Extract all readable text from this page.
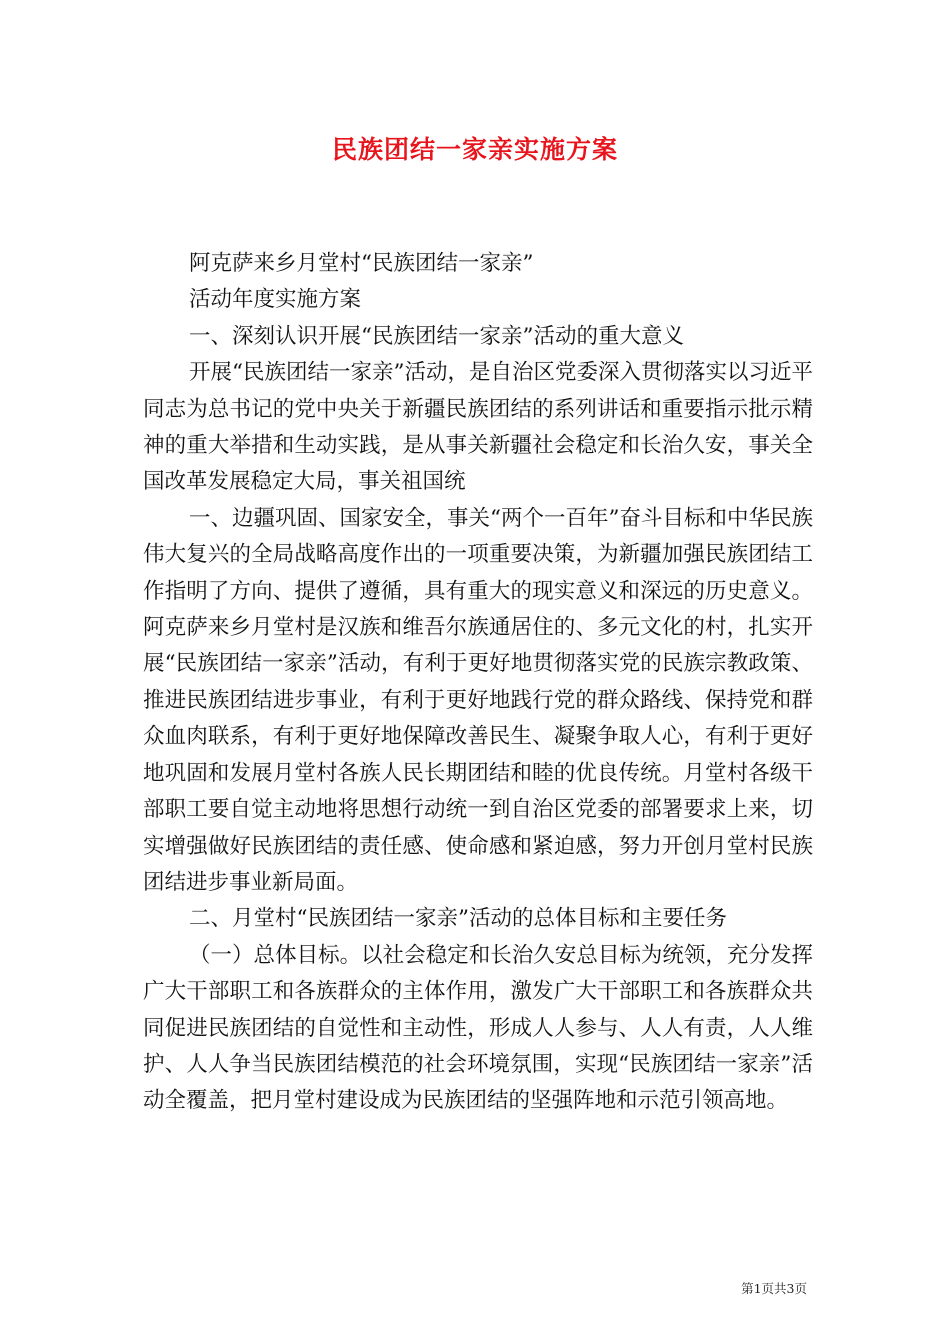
民族团结一家亲实施方案

阿克萨来乡月堂村“民族团结一家亲”

活动年度实施方案

一、深刻认识开展“民族团结一家亲”活动的重大意义

开展“民族团结一家亲”活动，是自治区党委深入贯彻落实以习近平同志为总书记的党中央关于新疆民族团结的系列讲话和重要指示批示精神的重大举措和生动实践，是从事关新疆社会稳定和长治久安，事关全国改革发展稳定大局，事关祖国统

一、边疆巩固、国家安全，事关“两个一百年”奋斗目标和中华民族伟大复兴的全局战略高度作出的一项重要决策，为新疆加强民族团结工作指明了方向、提供了遵循，具有重大的现实意义和深远的历史意义。阿克萨来乡月堂村是汉族和维吾尔族通居住的、多元文化的村，扎实开展“民族团结一家亲”活动，有利于更好地贯彻落实党的民族宗教政策、推进民族团结进步事业，有利于更好地践行党的群众路线、保持党和群众血肉联系，有利于更好地保障改善民生、凝聚争取人心，有利于更好地巩固和发展月堂村各族人民长期团结和睦的优良传统。月堂村各级干部职工要自觉主动地将思想行动统一到自治区党委的部署要求上来，切实增强做好民族团结的责任感、使命感和紧迫感，努力开创月堂村民族团结进步事业新局面。

二、月堂村“民族团结一家亲”活动的总体目标和主要任务

（一）总体目标。以社会稳定和长治久安总目标为统领，充分发挥广大干部职工和各族群众的主体作用，激发广大干部职工和各族群众共同促进民族团结的自觉性和主动性，形成人人参与、人人有责，人人维护、人人争当民族团结模范的社会环境氛围，实现“民族团结一家亲”活动全覆盖，把月堂村建设成为民族团结的坚强阵地和示范引领高地。

第1页共3页
